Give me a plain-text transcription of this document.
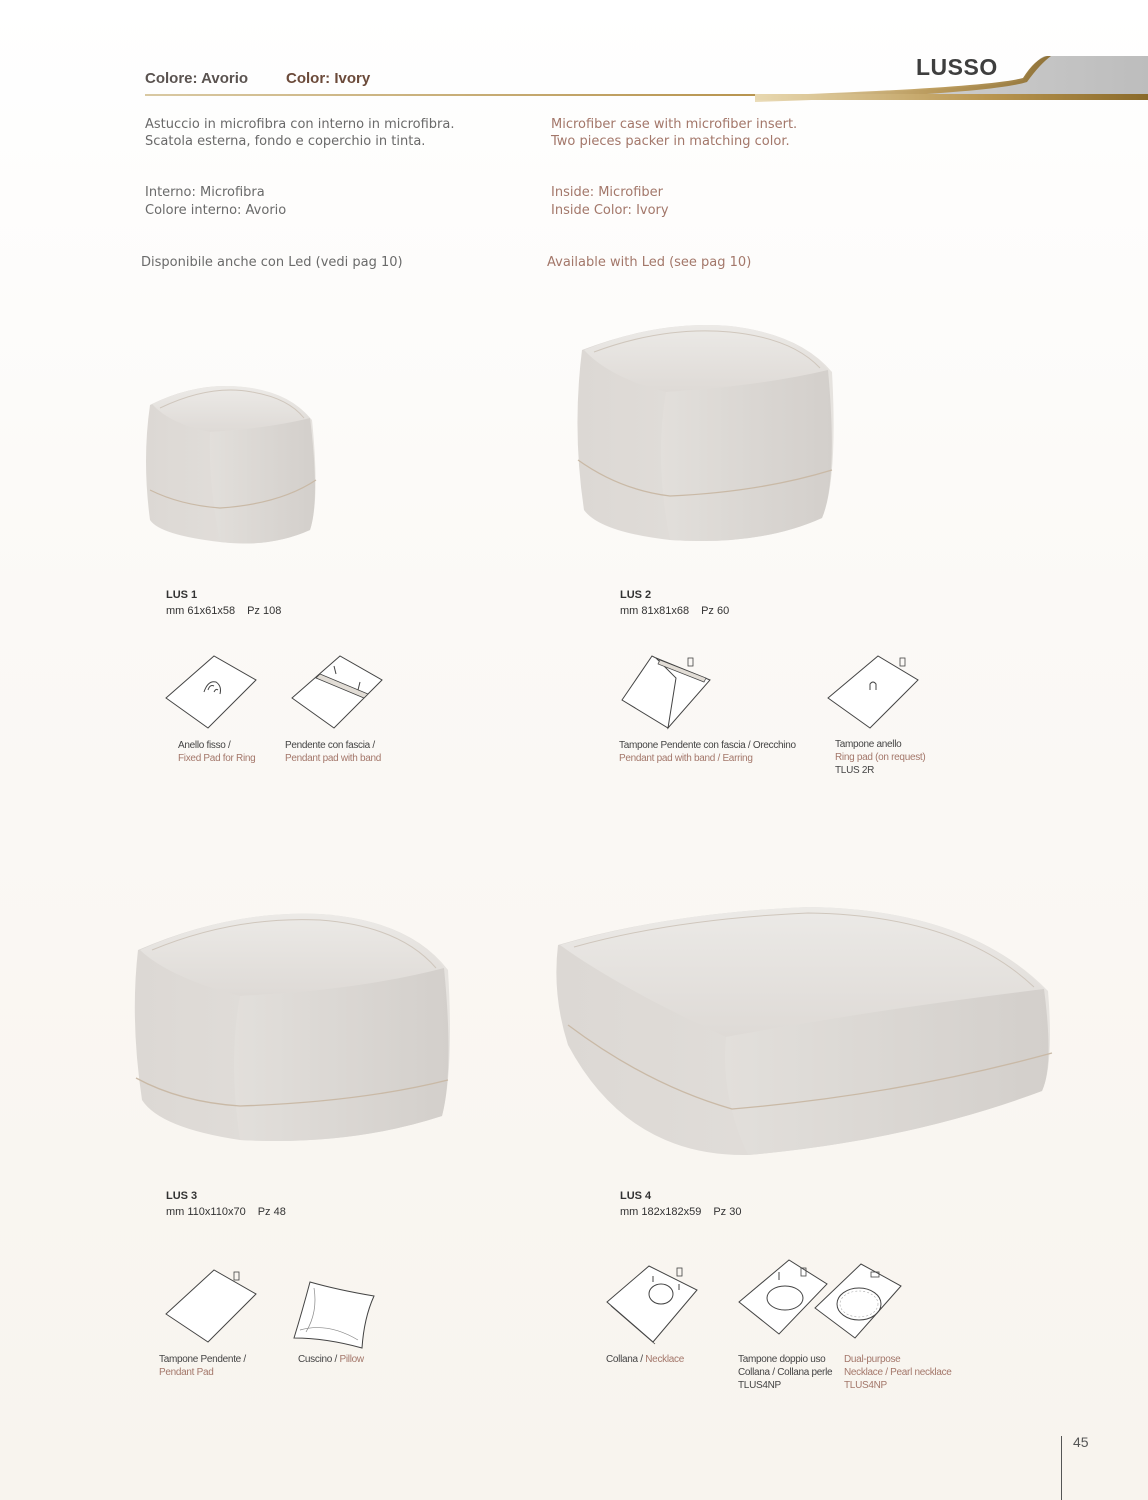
Colore: Avorio	Color: Ivory	LUSSO
Astuccio in microfibra con interno in microfibra.
Scatola esterna, fondo e coperchio in tinta.
Microfiber case with microfiber insert.
Two pieces packer in matching color.
Interno: Microfibra
Colore interno: Avorio
Inside: Microfiber
Inside Color: Ivory
Disponibile anche con Led (vedi pag 10)	Available with Led (see pag 10)
LUS 1
mm 61x61x58 Pz 108
LUS 2
mm 81x81x68 Pz 60
LUS 3
mm 110x110x70 Pz 48
LUS 4
mm 182x182x59 Pz 30
Anello fisso /
Fixed Pad for Ring
Pendente con fascia /
Pendant pad with band
Tampone Pendente con fascia / Orecchino
Pendant pad with band / Earring
Tampone anello
Ring pad (on request)
TLUS 2R
Tampone Pendente /
Pendant Pad
Cuscino / Pillow	Collana / Necklace	Tampone doppio uso
Collana / Collana perle
TLUS4NP
Dual-purpose
Necklace / Pearl necklace
TLUS4NP
45
